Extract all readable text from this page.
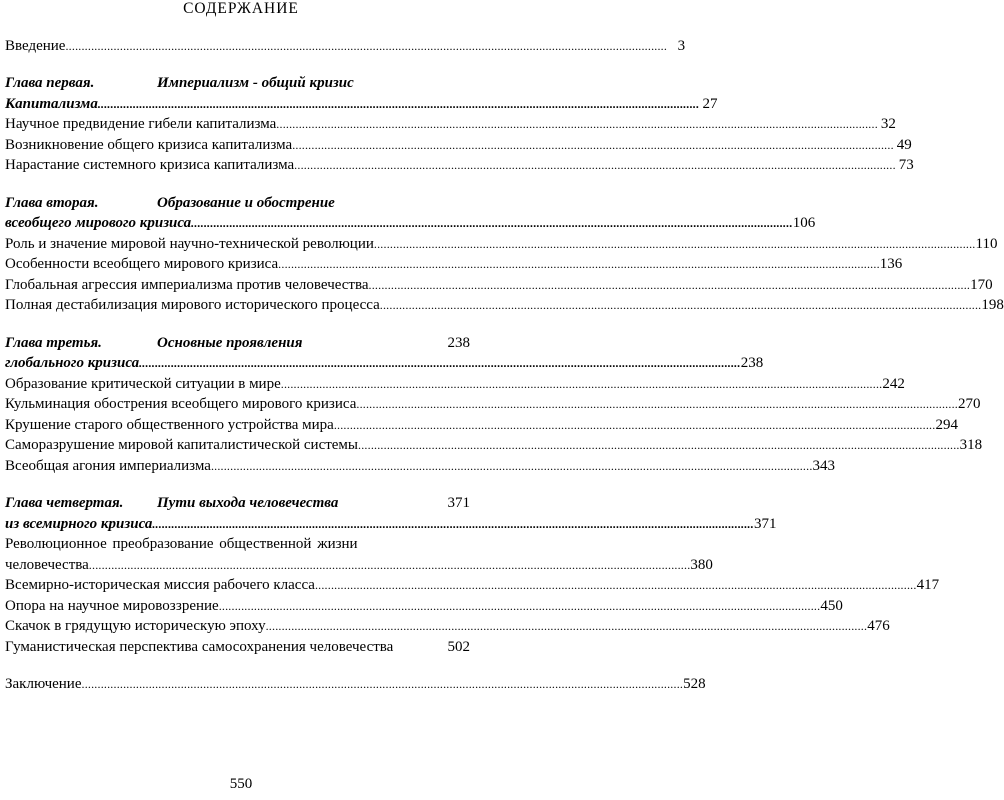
СОДЕРЖАНИЕ
Введение ............................................................................................................................................................................................ 3
Глава первая.	Империализм - общий кризис
Капитализма ............................................................................................................................................................................................ 27
Научное предвидение гибели капитализма ............................................................................................................................................................................................ 32
Возникновение общего кризиса капитализма ............................................................................................................................................................................................ 49
Нарастание системного кризиса капитализма ............................................................................................................................................................................................ 73
Глава вторая.	Образование и обострение
всеобщего мирового кризиса ............................................................................................................................................................................................ 106
Роль и значение мировой научно-технической революции ............................................................................................................................................................................................ 110
Особенности всеобщего мирового кризиса ............................................................................................................................................................................................ 136
Глобальная агрессия империализма против человечества ............................................................................................................................................................................................ 170
Полная дестабилизация мирового исторического процесса ............................................................................................................................................................................................ 198
Глава третья.	Основные проявления	238
глобального кризиса ............................................................................................................................................................................................ 238
Образование критической ситуации в мире ............................................................................................................................................................................................ 242
Кульминация обострения всеобщего мирового кризиса ............................................................................................................................................................................................ 270
Крушение старого общественного устройства мира ............................................................................................................................................................................................ 294
Саморазрушение мировой капиталистической системы ............................................................................................................................................................................................ 318
Всеобщая агония империализма ............................................................................................................................................................................................ 343
Глава четвертая.	Пути выхода человечества	371
из всемирного кризиса ............................................................................................................................................................................................ 371
Революционное преобразование общественной жизни
человечества ............................................................................................................................................................................................ 380
Всемирно-историческая миссия рабочего класса ............................................................................................................................................................................................ 417
Опора на научное мировоззрение ............................................................................................................................................................................................ 450
Скачок в грядущую историческую эпоху ............................................................................................................................................................................................ 476
Гуманистическая перспектива самосохранения человечества	502
Заключение ............................................................................................................................................................................................ 528
550
